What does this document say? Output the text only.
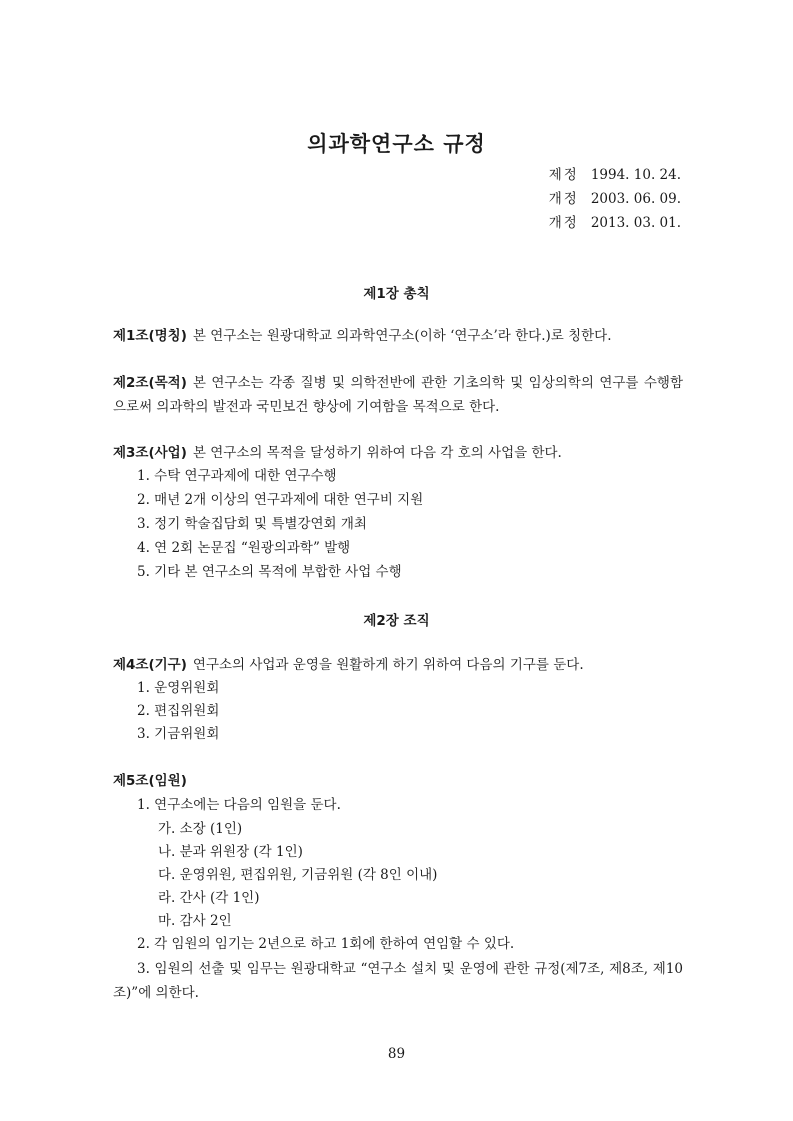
의과학연구소 규정
제정 1994. 10. 24.
개정 2003. 06. 09.
개정 2013. 03. 01.
제1장 총칙

제1조(명칭) 본 연구소는 원광대학교 의과학연구소(이하 ‘연구소’라 한다.)로 칭한다.

제2조(목적) 본 연구소는 각종 질병 및 의학전반에 관한 기초의학 및 임상의학의 연구를 수행함으로써 의과학의 발전과 국민보건 향상에 기여함을 목적으로 한다.

제3조(사업) 본 연구소의 목적을 달성하기 위하여 다음 각 호의 사업을 한다.

1. 수탁 연구과제에 대한 연구수행
2. 매년 2개 이상의 연구과제에 대한 연구비 지원
3. 정기 학술집담회 및 특별강연회 개최
4. 연 2회 논문집 “원광의과학” 발행
5. 기타 본 연구소의 목적에 부합한 사업 수행
제2장 조직

제4조(기구) 연구소의 사업과 운영을 원활하게 하기 위하여 다음의 기구를 둔다.

1. 운영위원회
2. 편집위원회
3. 기금위원회

제5조(임원)

1. 연구소에는 다음의 임원을 둔다.
가. 소장 (1인)
나. 분과 위원장 (각 1인)
다. 운영위원, 편집위원, 기금위원 (각 8인 이내)
라. 간사 (각 1인)
마. 감사 2인
2. 각 임원의 임기는 2년으로 하고 1회에 한하여 연임할 수 있다.

3. 임원의 선출 및 임무는 원광대학교 “연구소 설치 및 운영에 관한 규정(제7조, 제8조, 제10조)”에 의한다.

89
